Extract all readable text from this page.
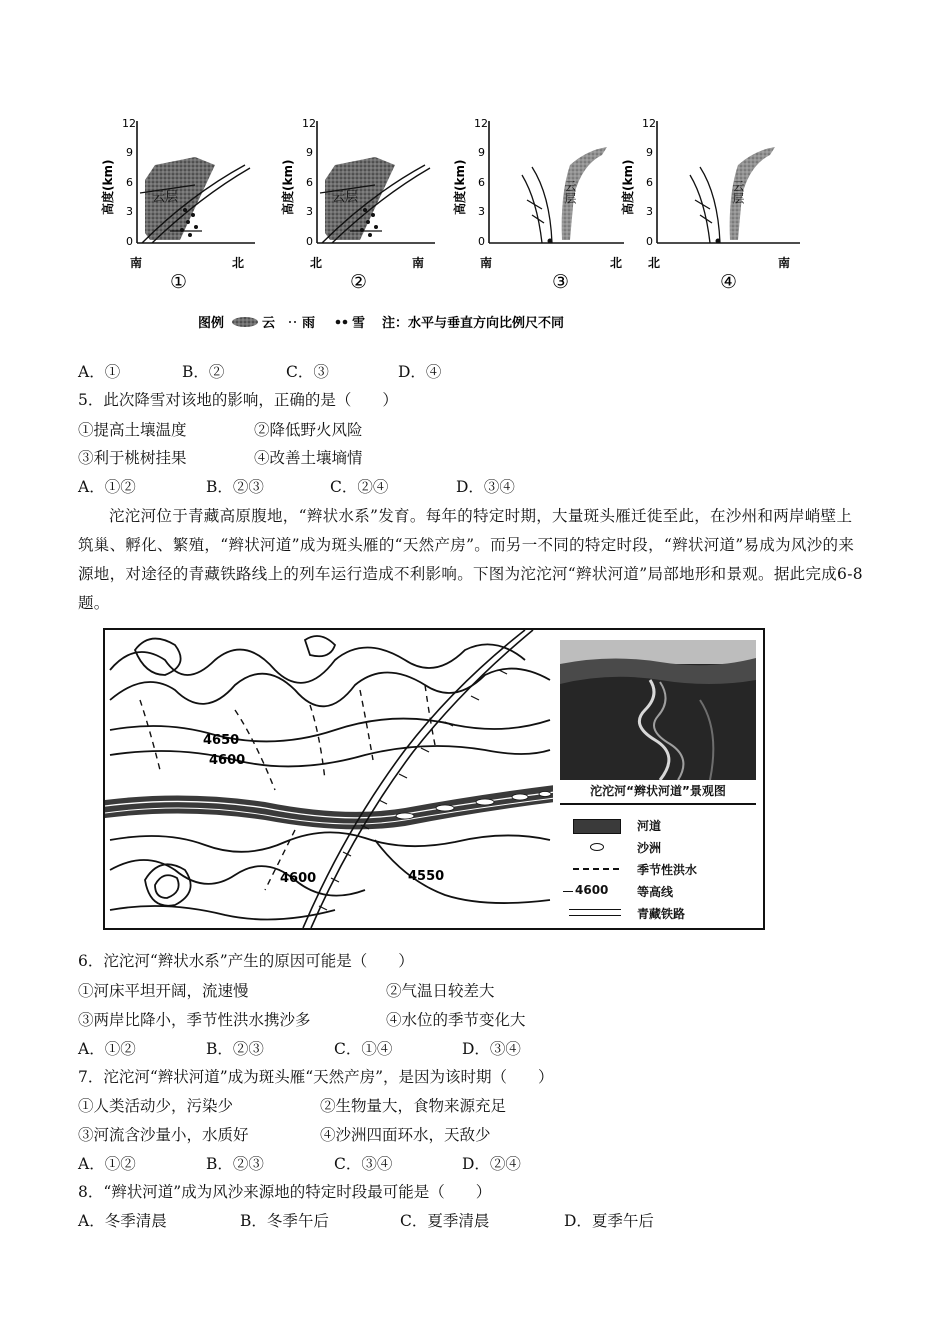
12
9
6
3
0
高度(km)	云层
南	北
①
12
9
6
3
0
高度(km)	云层
北	南
②
12
9
6
3
0
高度(km)	云层
南	北
③
12
9
6
3
0
高度(km)	云层
北	南
④
图例	云 雨	雪 注：水平与垂直方向比例尺不同
A．①	B．②	C．③	D．④
5．此次降雪对该地的影响，正确的是（　　）
①提高土壤温度	②降低野火风险
③利于桃树挂果	④改善土壤墒情
A．①②	B．②③	C．②④	D．③④
沱沱河位于青藏高原腹地，“辫状水系”发育。每年的特定时期，大量斑头雁迁徙至此，在沙州和两岸峭壁上筑巢、孵化、繁殖，“辫状河道”成为斑头雁的“天然产房”。而另一不同的特定时段，“辫状河道”易成为风沙的来源地，对途径的青藏铁路线上的列车运行造成不利影响。下图为沱沱河“辫状河道”局部地形和景观。据此完成6-8题。
4650
4600
4600	4550
沱沱河“辫状河道”景观图
河道
沙洲
季节性洪水
4600 等高线
青藏铁路
6．沱沱河“辫状水系”产生的原因可能是（　　）
①河床平坦开阔，流速慢	②气温日较差大
③两岸比降小，季节性洪水携沙多	④水位的季节变化大
A．①②	B．②③	C．①④	D．③④
7．沱沱河“辫状河道”成为斑头雁“天然产房”，是因为该时期（　　）
①人类活动少，污染少	②生物量大，食物来源充足
③河流含沙量小，水质好	④沙洲四面环水，天敌少
A．①②	B．②③	C．③④	D．②④
8．“辫状河道”成为风沙来源地的特定时段最可能是（　　）
A．冬季清晨	B．冬季午后	C．夏季清晨	D．夏季午后
